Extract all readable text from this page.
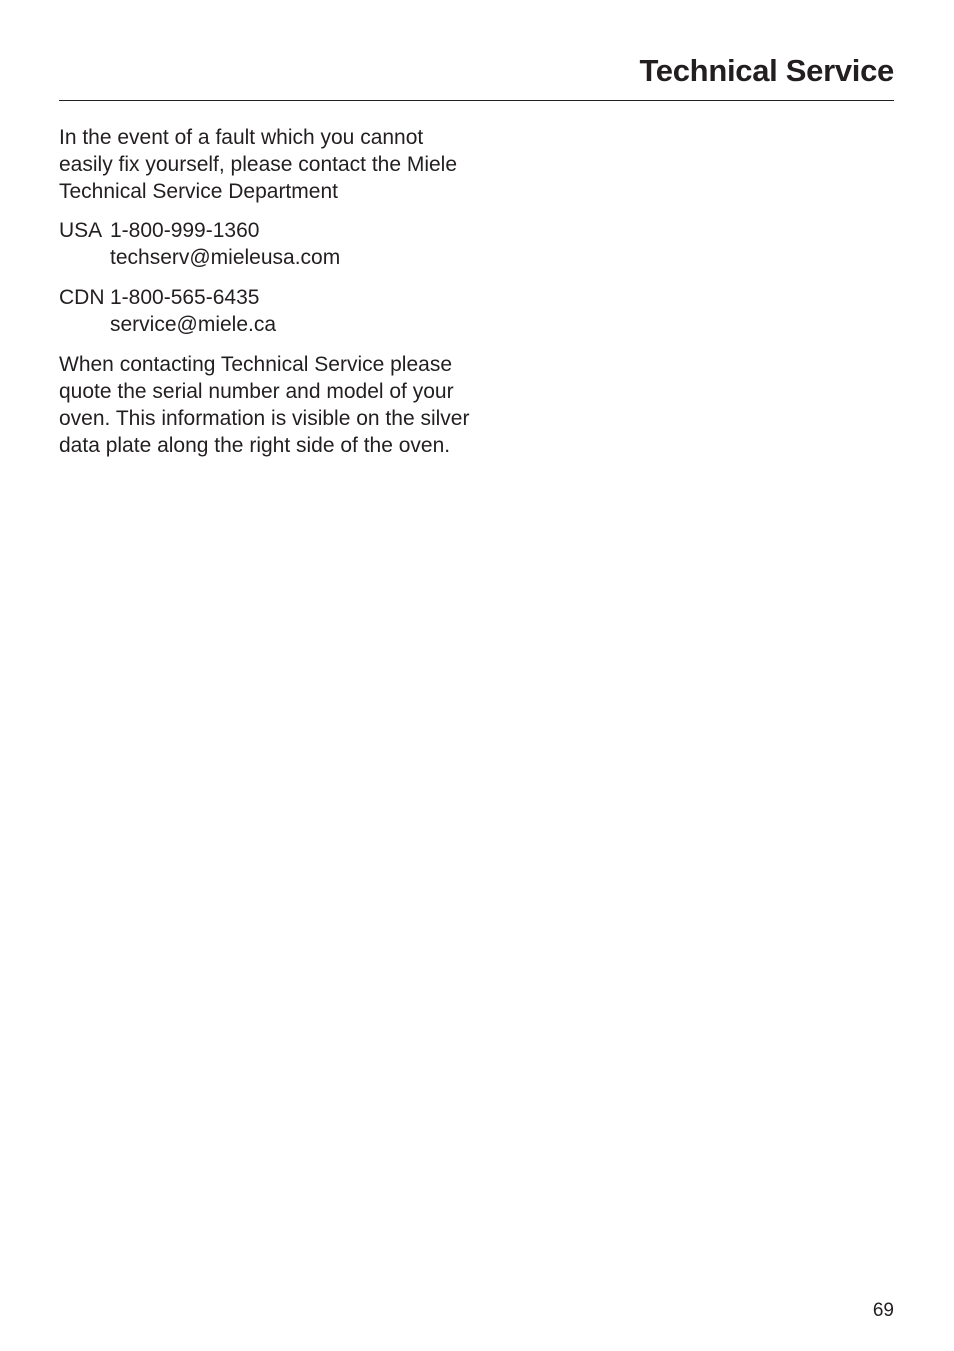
Technical Service

In the event of a fault which you cannot easily fix yourself, please contact the Miele Technical Service Department

USA 1-800-999-1360
techserv@mieleusa.com
CDN 1-800-565-6435
service@miele.ca

When contacting Technical Service please quote the serial number and model of your oven. This information is visible on the silver data plate along the right side of the oven.

69
